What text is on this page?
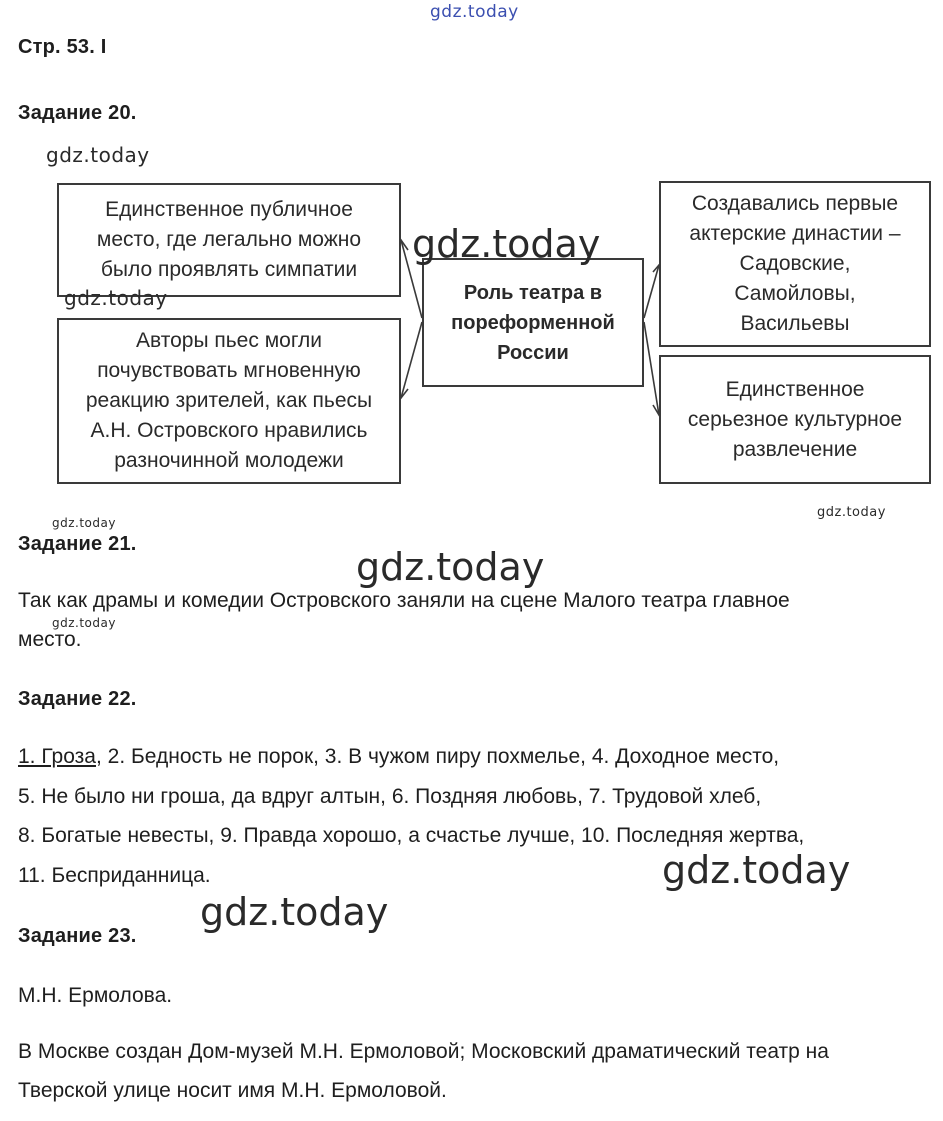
gdz.today
Стр. 53. I
Задание 20.
gdz.today
Единственное публичное
место, где легально можно
было проявлять симпатии
Авторы пьес могли
почувствовать мгновенную
реакцию зрителей, как пьесы
А.Н. Островского нравились
разночинной молодежи
Роль театра в
пореформенной
России
Создавались первые
актерские династии –
Садовские,
Самойловы,
Васильевы
Единственное
серьезное культурное
развлечение
gdz.today
gdz.today
gdz.today
gdz.today
Задание 21.
gdz.today
Так как драмы и комедии Островского заняли на сцене Малого театра главное
место.
gdz.today
Задание 22.
1. Гроза, 2. Бедность не порок, 3. В чужом пиру похмелье, 4. Доходное место,
5. Не было ни гроша, да вдруг алтын, 6. Поздняя любовь, 7. Трудовой хлеб,
8. Богатые невесты, 9. Правда хорошо, а счастье лучше, 10. Последняя жертва,
11. Бесприданница.	gdz.today
gdz.today
Задание 23.
М.Н. Ермолова.
В Москве создан Дом-музей М.Н. Ермоловой; Московский драматический театр на
Тверской улице носит имя М.Н. Ермоловой.
